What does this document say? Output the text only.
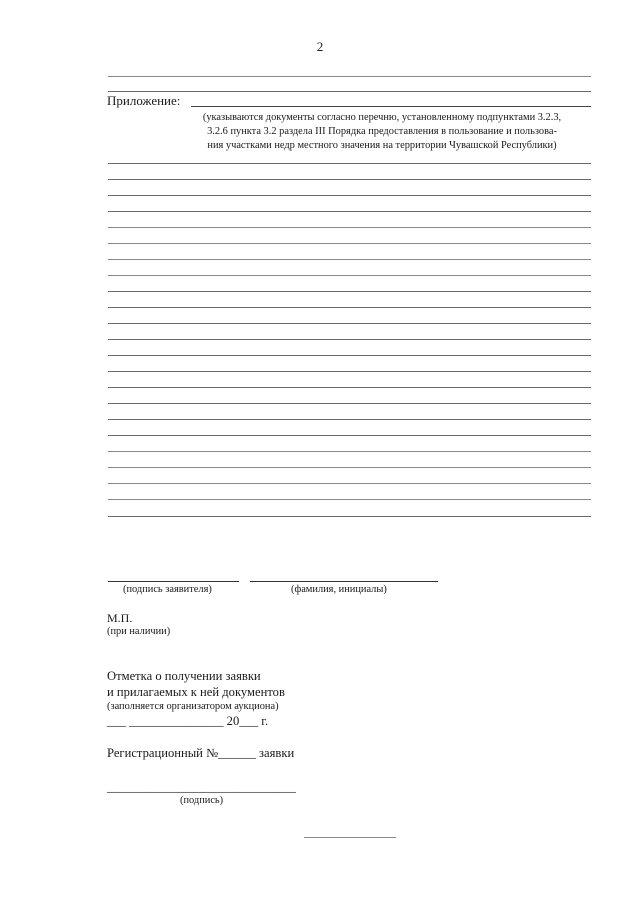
2
Приложение:
(указываются документы согласно перечню, установленному подпунктами 3.2.3,
3.2.6 пункта 3.2 раздела III Порядка предоставления в пользование и пользова-
ния участками недр местного значения на территории Чувашской Республики)
(подпись заявителя)	(фамилия, инициалы)
М.П.
(при наличии)
Отметка о получении заявки
и прилагаемых к ней документов
(заполняется организатором аукциона)
___ _______________ 20___ г.
Регистрационный №______ заявки
______________________________
(подпись)
